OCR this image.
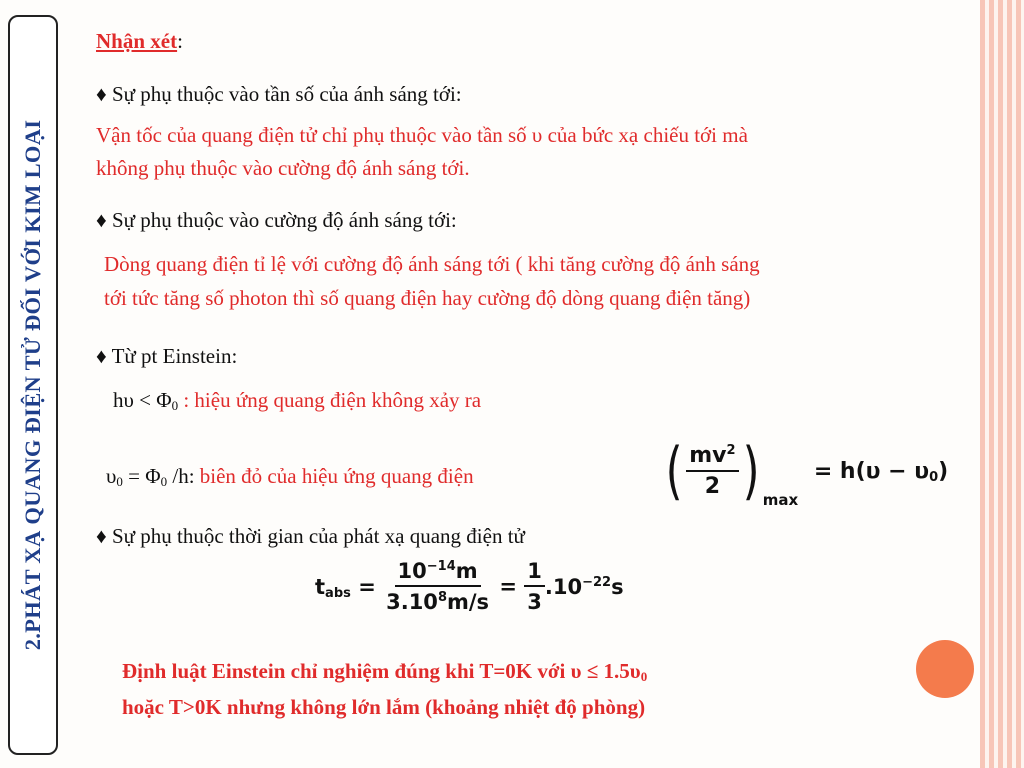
2.PHÁT XẠ QUANG ĐIỆN TỬ ĐỐI VỚI KIM LOẠI
Nhận xét:
♦ Sự phụ thuộc vào tần số của ánh sáng tới:
Vận tốc của quang điện tử chỉ phụ thuộc vào tần số υ của bức xạ chiếu tới mà
không phụ thuộc vào cường độ ánh sáng tới.
♦ Sự phụ thuộc vào cường độ ánh sáng tới:
Dòng quang điện tỉ lệ với cường độ ánh sáng tới ( khi tăng cường độ ánh sáng
tới tức tăng số photon thì số quang điện hay cường độ dòng quang điện tăng)
♦ Từ pt Einstein:
$h\upsilon < \Phi_0$ : hiệu ứng quang điện không xảy ra
$\upsilon_0 = \Phi_0$ /h: biên đỏ của hiệu ứng quang điện	( $\frac{mv^2}{2}$ ) $_{max} = h(\upsilon - \upsilon_0)$
♦ Sự phụ thuộc thời gian của phát xạ quang điện tử
$t_{abs} = \frac{10^{-14}m}{3.10^8m/s} = \frac{1}{3} .10^{-22}s$
Định luật Einstein chỉ nghiệm đúng khi T=0K với $\upsilon \le 1.5\upsilon_0$
hoặc T>0K nhưng không lớn lắm (khoảng nhiệt độ phòng)
